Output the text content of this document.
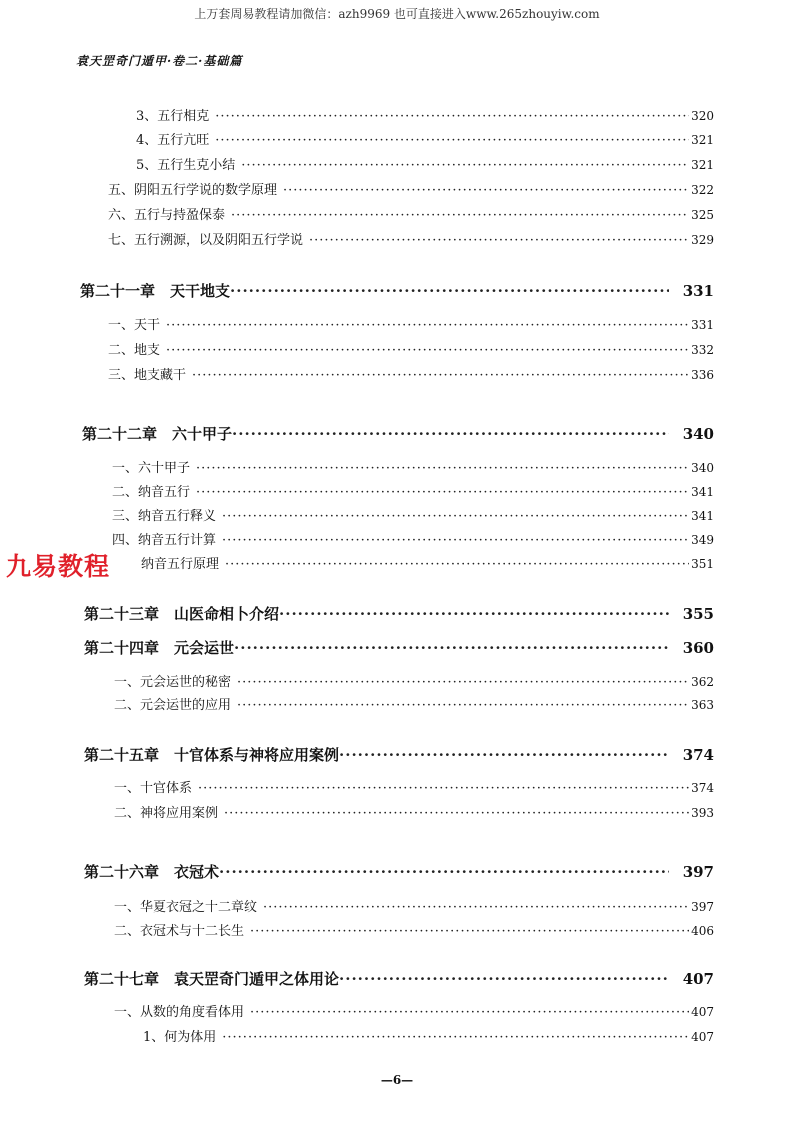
上万套周易教程请加微信：azh9969 也可直接进入www.265zhouyiw.com
袁天罡奇门遁甲·卷二·基础篇
3、五行相克 ·····	320
4、五行亢旺 ·····	321
5、五行生克小结 ·····	321
五、阴阳五行学说的数学原理 ·····	322
六、五行与持盈保泰 ·····	325
七、五行溯源，以及阴阳五行学说 ·····	329
第二十一章　天干地支 ·····	331
一、天干 ·····	331
二、地支 ·····	332
三、地支藏干 ·····	336
第二十二章　六十甲子 ·····	340
一、六十甲子 ·····	340
二、纳音五行 ·····	341
三、纳音五行释义 ·····	341
四、纳音五行计算 ·····	349
纳音五行原理 ·····	351
第二十三章　山医命相卜介绍 ·····	355
第二十四章　元会运世 ·····	360
一、元会运世的秘密 ·····	362
二、元会运世的应用 ·····	363
第二十五章　十官体系与神将应用案例 ·····	374
一、十官体系 ·····	374
二、神将应用案例 ·····	393
第二十六章　衣冠术 ·····	397
一、华夏衣冠之十二章纹 ·····	397
二、衣冠术与十二长生 ·····	406
第二十七章　袁天罡奇门遁甲之体用论 ·····	407
一、从数的角度看体用 ·····	407
1、何为体用 ·····	407
九易教程
—6—
